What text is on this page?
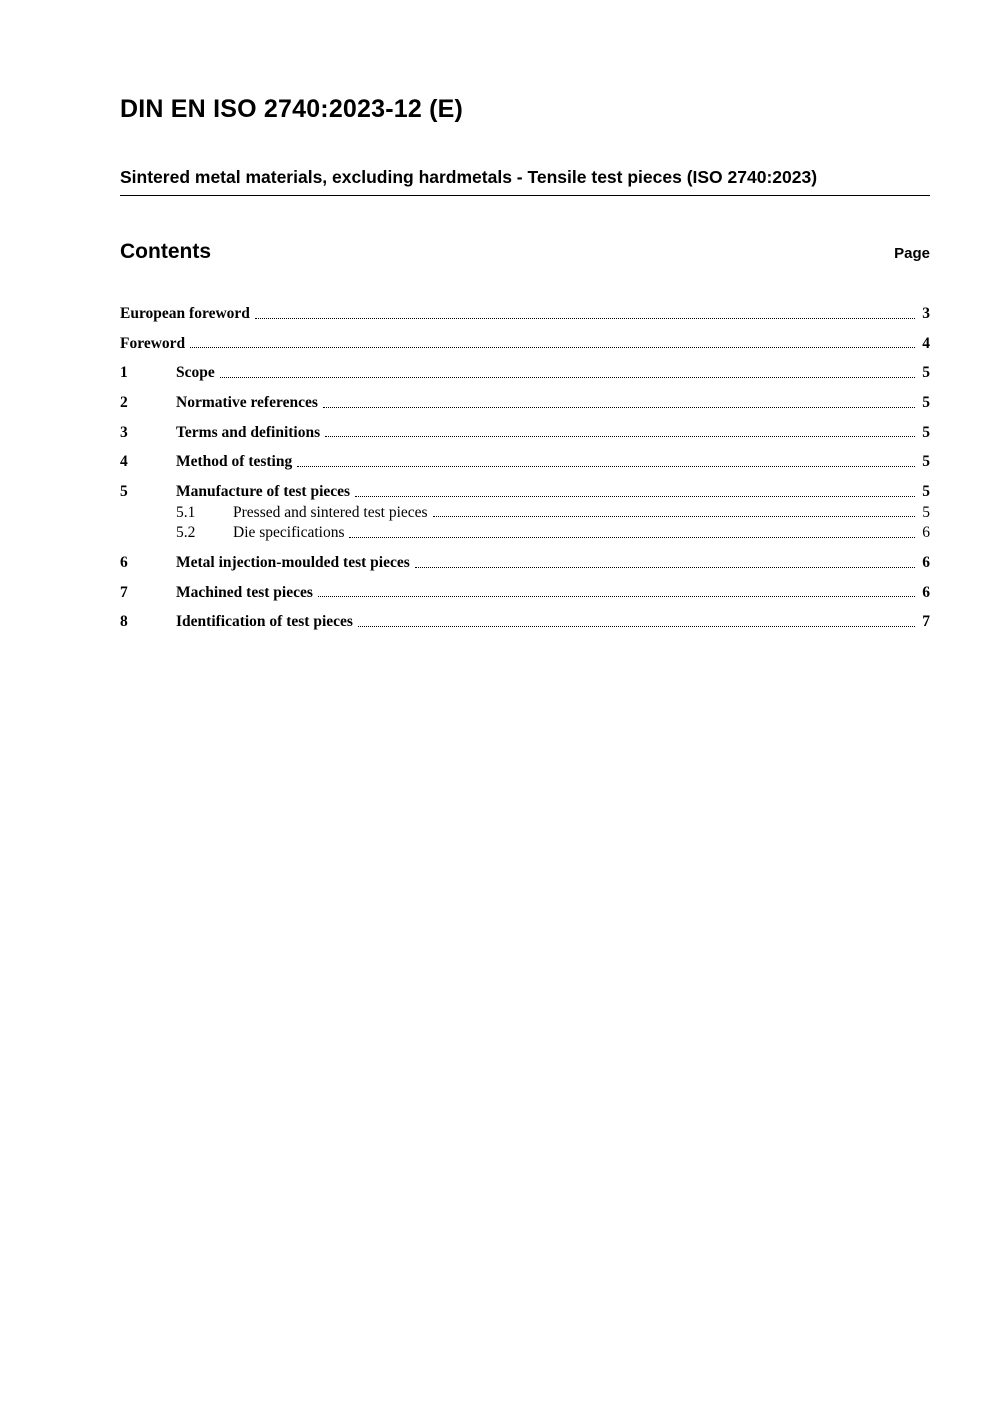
DIN EN ISO 2740:2023-12 (E)
Sintered metal materials, excluding hardmetals - Tensile test pieces (ISO 2740:2023)
Contents	Page
European foreword	3
Foreword	4
1	Scope	5
2	Normative references	5
3	Terms and definitions	5
4	Method of testing	5
5	Manufacture of test pieces	5
5.1	Pressed and sintered test pieces	5
5.2	Die specifications	6
6	Metal injection-moulded test pieces	6
7	Machined test pieces	6
8	Identification of test pieces	7
